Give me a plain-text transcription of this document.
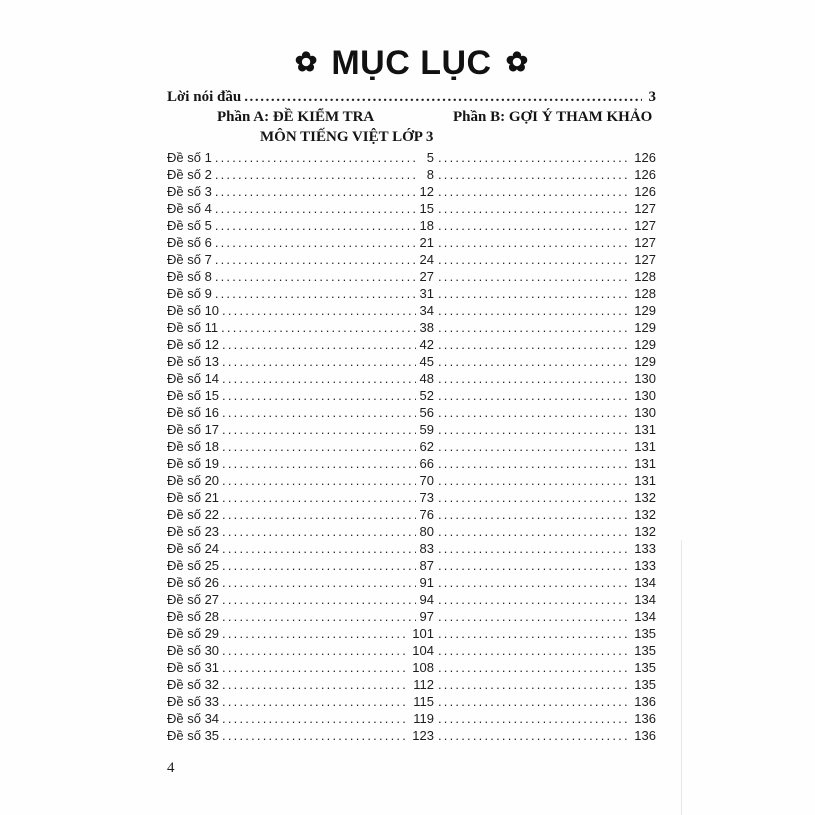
✿ MỤC LỤC ✿
Lời nói đầu .....	3
Phần A: ĐỀ KIỂM TRA
MÔN TIẾNG VIỆT LỚP 3
Phần B: GỢI Ý THAM KHẢO
Đề số 1 .....	5 .....	126
Đề số 2 .....	8 .....	126
Đề số 3 .....	12 .....	126
Đề số 4 .....	15 .....	127
Đề số 5 .....	18 .....	127
Đề số 6 .....	21 .....	127
Đề số 7 .....	24 .....	127
Đề số 8 .....	27 .....	128
Đề số 9 .....	31 .....	128
Đề số 10 .....	34 .....	129
Đề số 11 .....	38 .....	129
Đề số 12 .....	42 .....	129
Đề số 13 .....	45 .....	129
Đề số 14 .....	48 .....	130
Đề số 15 .....	52 .....	130
Đề số 16 .....	56 .....	130
Đề số 17 .....	59 .....	131
Đề số 18 .....	62 .....	131
Đề số 19 .....	66 .....	131
Đề số 20 .....	70 .....	131
Đề số 21 .....	73 .....	132
Đề số 22 .....	76 .....	132
Đề số 23 .....	80 .....	132
Đề số 24 .....	83 .....	133
Đề số 25 .....	87 .....	133
Đề số 26 .....	91 .....	134
Đề số 27 .....	94 .....	134
Đề số 28 .....	97 .....	134
Đề số 29 .....	101 .....	135
Đề số 30 .....	104 .....	135
Đề số 31 .....	108 .....	135
Đề số 32 .....	112 .....	135
Đề số 33 .....	115 .....	136
Đề số 34 .....	119 .....	136
Đề số 35 .....	123 .....	136
4
